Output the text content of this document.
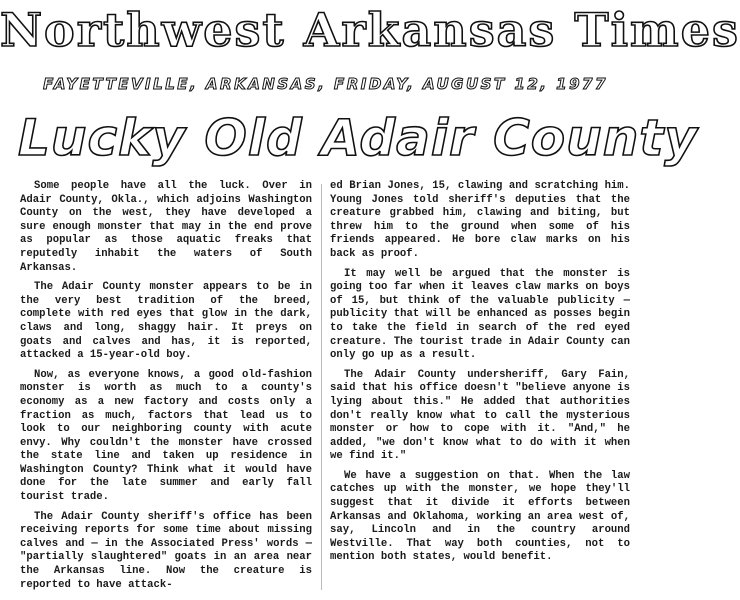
Northwest Arkansas Times
FAYETTEVILLE, ARKANSAS, FRIDAY, AUGUST 12, 1977
Lucky Old Adair County

Some people have all the luck. Over in Adair County, Okla., which adjoins Washington County on the west, they have developed a sure enough monster that may in the end prove as popular as those aquatic freaks that reputedly inhabit the waters of South Arkansas.

The Adair County monster appears to be in the very best tradition of the breed, complete with red eyes that glow in the dark, claws and long, shaggy hair. It preys on goats and calves and has, it is reported, attacked a 15-year-old boy.

Now, as everyone knows, a good old-fashion monster is worth as much to a county's economy as a new factory and costs only a fraction as much, factors that lead us to look to our neighboring county with acute envy. Why couldn't the monster have crossed the state line and taken up residence in Washington County? Think what it would have done for the late summer and early fall tourist trade.

The Adair County sheriff's office has been receiving reports for some time about missing calves and — in the Associated Press' words — "partially slaughtered" goats in an area near the Arkansas line. Now the creature is reported to have attack-

ed Brian Jones, 15, clawing and scratching him. Young Jones told sheriff's deputies that the creature grabbed him, clawing and biting, but threw him to the ground when some of his friends appeared. He bore claw marks on his back as proof.

It may well be argued that the monster is going too far when it leaves claw marks on boys of 15, but think of the valuable publicity — publicity that will be enhanced as posses begin to take the field in search of the red eyed creature. The tourist trade in Adair County can only go up as a result.

The Adair County undersheriff, Gary Fain, said that his office doesn't "believe anyone is lying about this." He added that authorities don't really know what to call the mysterious monster or how to cope with it. "And," he added, "we don't know what to do with it when we find it."

We have a suggestion on that. When the law catches up with the monster, we hope they'll suggest that it divide it efforts between Arkansas and Oklahoma, working an area west of, say, Lincoln and in the country around Westville. That way both counties, not to mention both states, would benefit.
